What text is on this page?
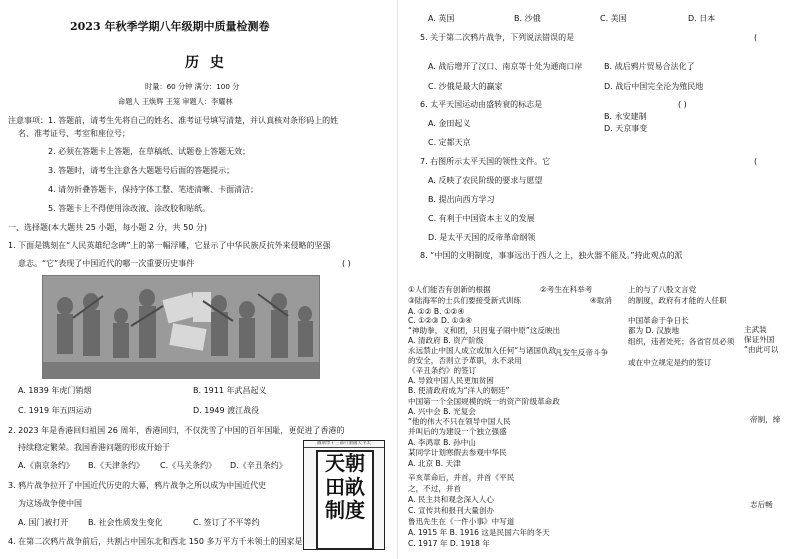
2023 年秋季学期八年级期中质量检测卷
历 史
时量：60 分钟 满分：100 分
命题人 王焕辉 王笼 审题人：李耀林
注意事项：1. 答题前，请考生先将自己的姓名、准考证号填写清楚，并认真核对条形码上的姓
名、准考证号、考室和座位号；
2. 必须在答题卡上答题，在草稿纸、试题卷上答题无效；
3. 答题时，请考生注意各大题题号后面的答题提示；
4. 请勿折叠答题卡，保持字体工整、笔迹清晰、卡面清洁；
5. 答题卡上不得使用涂改液、涂改胶和贴纸。
一、选择题(本大题共 25 小题，每小题 2 分，共 50 分)
1. 下面是镌刻在“人民英雄纪念碑”上的第一幅浮雕，它显示了中华民族反抗外来侵略的坚强
意志。“它”表现了中国近代的哪一次重要历史事件	( )
A. 1839 年虎门销烟	B. 1911 年武昌起义
C. 1919 年五四运动	D. 1949 渡江战役
2. 2023 年是香港回归祖国 26 周年，香港回归，不仅洗雪了中国的百年国耻，更促进了香港的
持续稳定繁荣。我国香港问题的形成开始于
A.《南京条约》 B.《天津条约》 C.《马关条约》 D.《辛丑条约》
3. 鸦片战争拉开了中国近代历史的大幕，鸦片战争之所以成为中国近代史
为这场战争使中国
A. 国门被打开 B. 社会性质发生变化	C. 签订了不平等约
4. 在第二次鸦片战争前后，共割占中国东北和西北 150 多万平方千米领土的国家是
圖斯學千三部行頒國天平太
天朝田畝制度
A. 英国	B. 沙俄	C. 美国	D. 日本
5. 关于第二次鸦片战争，下列说法错误的是	(
A. 战后增开了汉口、南京等十处为通商口岸	B. 战后鸦片贸易合法化了
C. 沙俄是最大的赢家	D. 战后中国完全沦为殖民地
6. 太平天国运动由盛转衰的标志是	( )
A. 金田起义
B. 永安建制
C. 定都天京
D. 天京事变
7. 右图所示太平天国的领性文件。它	(
A. 反映了农民阶级的要求与愿望
B. 提出向西方学习
C. 有利于中国资本主义的发展
D. 是太平天国的反帝革命纲领
8. “中国的文明制度，事事远出于西人之上，独火器不能及。”持此观点的派
①人们能否有创新的根据	上的与了八股文言党
②考生在科举考
③陆海军的士兵们要接受新式训练	④取消 的制度，政府有才能的人任职
A. ①② B. ①②④
C. ①②③ D. ①③④
“神助拳，义和团，只因鬼子闹中原”这反映出
中国革命于争日长
A. 清政府 B. 资产阶级
都为 D. 汉族地
永远禁止中国人成立或加入任何“与诸国仇敌
组织，违者处死；各省官员必须
的安全，否则立予革职，永不录用
凡发生反帝斗争
或在中立规定是约的签订
《辛丑条约》的签订
A. 导致中国人民更加贫困
B. 使清政府成为“洋人的朝廷”
中国第一个全国规模的统一的资产阶级革命政
A. 兴中会 B. 光复会
“他的伟大不只在领导中国人民
并叫后的为建设一个独立强盛
A. 李鸿章 B. 孙中山
某同学计划寒假去参观中华民
A. 北京 B. 天津
辛亥革命后，并首，并首《平民
之，不过，并首
A. 民主共和观念深入人心
C. 宣传共和报刊大量创办
鲁迅先生在《一件小事》中写道
A. 1915 年 B. 1916 这是民国六年的冬天
C. 1917 年 D. 1918 年
主武装
保证外国
“由此可以
帝制，缔
志后畅
